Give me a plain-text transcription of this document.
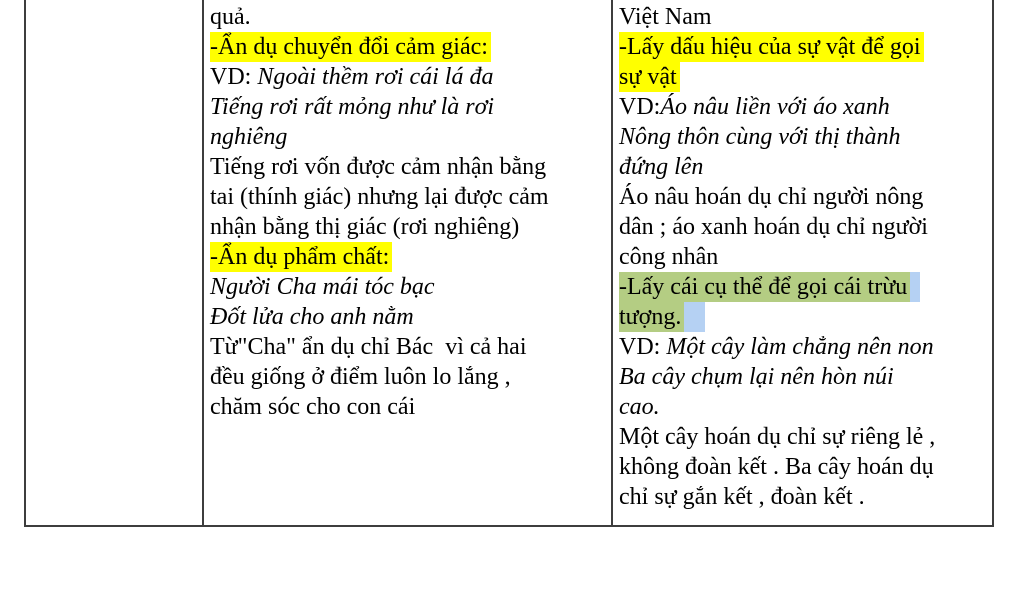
quả.
-Ẩn dụ chuyển đổi cảm giác:
VD: Ngoài thềm rơi cái lá đa
Tiếng rơi rất mỏng như là rơi
nghiêng
Tiếng rơi vốn được cảm nhận bằng
tai (thính giác) nhưng lại được cảm
nhận bằng thị giác (rơi nghiêng)
-Ẩn dụ phẩm chất:
Người Cha mái tóc bạc
Đốt lửa cho anh nằm
Từ"Cha" ẩn dụ chỉ Bác  vì cả hai
đều giống ở điểm luôn lo lắng ,
chăm sóc cho con cái
Việt Nam
-Lấy dấu hiệu của sự vật để gọi
sự vật
VD:Áo nâu liền với áo xanh
Nông thôn cùng với thị thành
đứng lên
Áo nâu hoán dụ chỉ người nông
dân ; áo xanh hoán dụ chỉ người
công nhân
-Lấy cái cụ thể để gọi cái trừu
tượng.
VD: Một cây làm chẳng nên non
Ba cây chụm lại nên hòn núi
cao.
Một cây hoán dụ chỉ sự riêng lẻ ,
không đoàn kết . Ba cây hoán dụ
chỉ sự gắn kết , đoàn kết .
